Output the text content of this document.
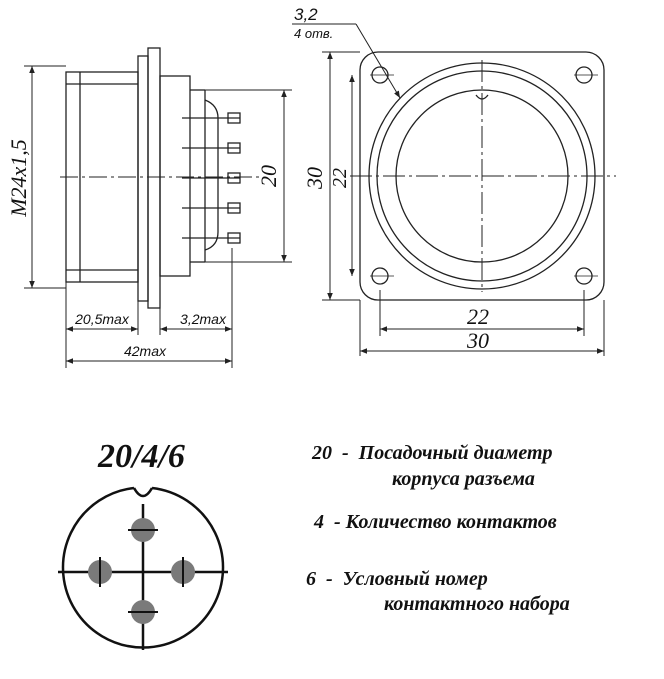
M24x1,5	20
20,5max	3,2max
42max
3,2
4 отв.
30 22
22
30
20/4/6	20  -  Посадочный диаметр
корпуса разъема
4  - Количество контактов
6  -  Условный номер
контактного набора
